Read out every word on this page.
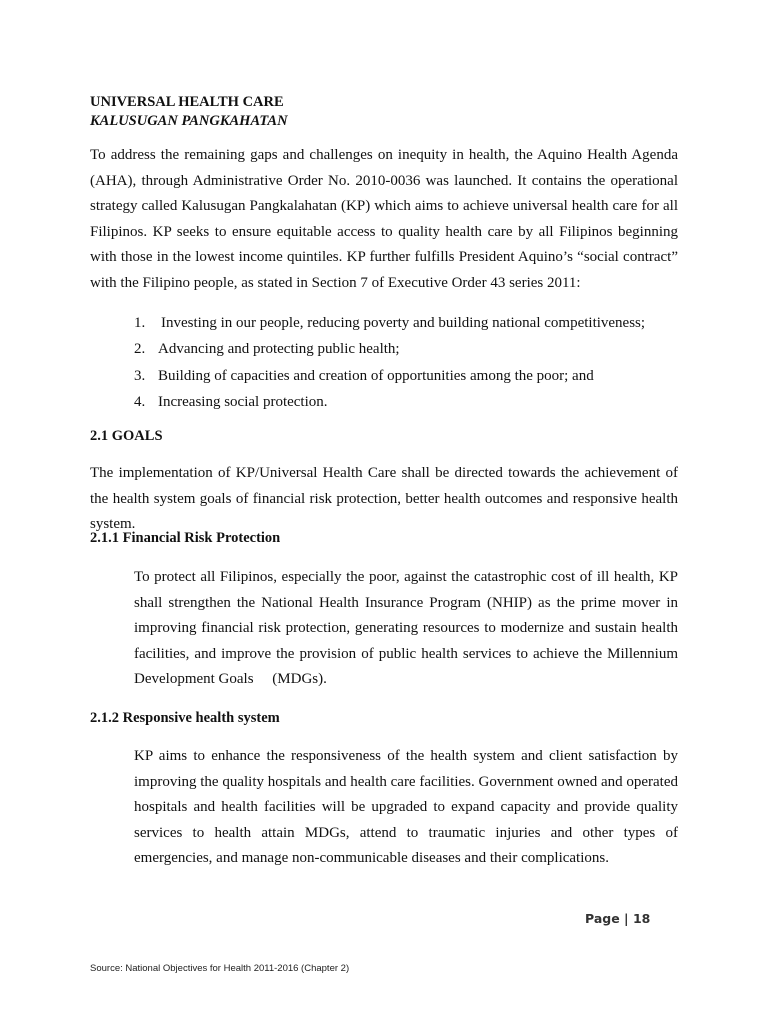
UNIVERSAL HEALTH CARE
KALUSUGAN PANGKAHATAN
To address the remaining gaps and challenges on inequity in health, the Aquino Health Agenda (AHA), through Administrative Order No. 2010-0036 was launched. It contains the operational strategy called Kalusugan Pangkalahatan (KP) which aims to achieve universal health care for all Filipinos. KP seeks to ensure equitable access to quality health care by all Filipinos beginning with those in the lowest income quintiles. KP further fulfills President Aquino’s “social contract” with the Filipino people, as stated in Section 7 of Executive Order 43 series 2011:
1.	Investing in our people, reducing poverty and building national competitiveness;
2. Advancing and protecting public health;
3. Building of capacities and creation of opportunities among the poor; and
4. Increasing social protection.
2.1 GOALS
The implementation of KP/Universal Health Care shall be directed towards the achievement of the health system goals of financial risk protection, better health outcomes and responsive health system.
2.1.1 Financial Risk Protection
To protect all Filipinos, especially the poor, against the catastrophic cost of ill health, KP shall strengthen the National Health Insurance Program (NHIP) as the prime mover in improving financial risk protection, generating resources to modernize and sustain health facilities, and improve the provision of public health services to achieve the Millennium Development Goals     (MDGs).
2.1.2 Responsive health system
KP aims to enhance the responsiveness of the health system and client satisfaction by improving the quality hospitals and health care facilities. Government owned and operated hospitals and health facilities will be upgraded to expand capacity and provide quality services to health attain MDGs, attend to traumatic injuries and other types of emergencies, and manage non-communicable diseases and their complications.
Page | 18
Source: National Objectives for Health 2011-2016 (Chapter 2)
